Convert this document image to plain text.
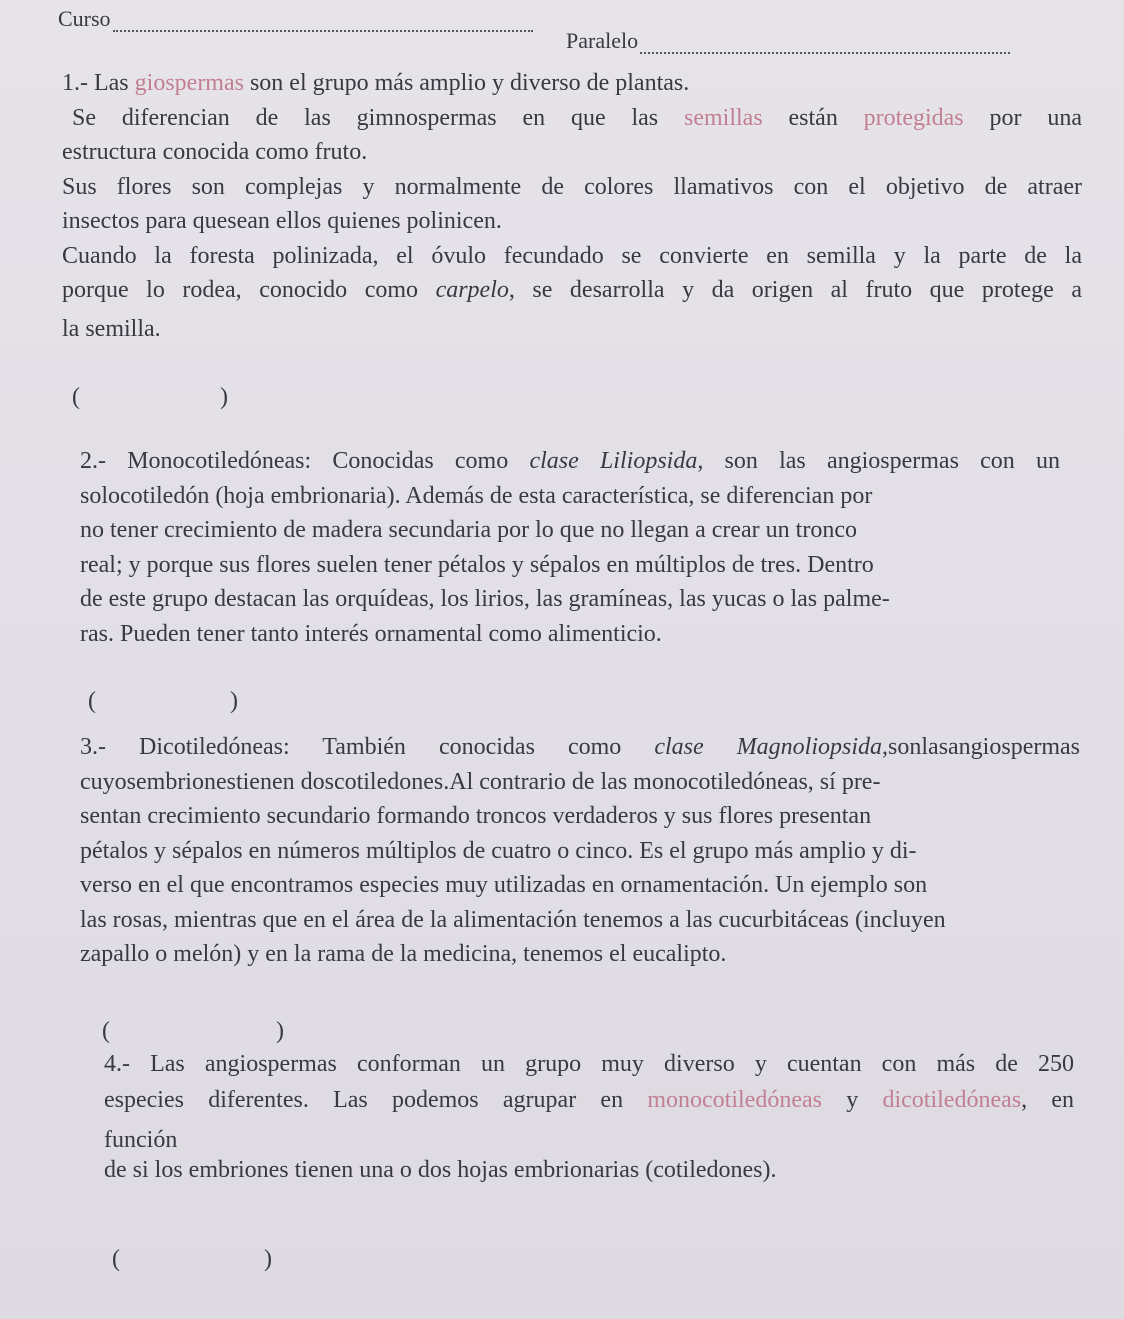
Curso
Paralelo

1.- Las giospermas son el grupo más amplio y diverso de plantas.

Se diferencian de las gimnospermas en que las semillas están protegidas por una

estructura conocida como fruto.

Sus flores son complejas y normalmente de colores llamativos con el objetivo de atraer

insectos para quesean ellos quienes polinicen.

Cuando la foresta polinizada, el óvulo fecundado se convierte en semilla y la parte de la

porque lo rodea, conocido como carpelo, se desarrolla y da origen al fruto que protege a

la semilla.

(	)

2.- Monocotiledóneas: Conocidas como clase Liliopsida, son las angiospermas con un

solocotiledón (hoja embrionaria). Además de esta característica, se diferencian por

no tener crecimiento de madera secundaria por lo que no llegan a crear un tronco

real; y porque sus flores suelen tener pétalos y sépalos en múltiplos de tres. Dentro

de este grupo destacan las orquídeas, los lirios, las gramíneas, las yucas o las palme-

ras. Pueden tener tanto interés ornamental como alimenticio.

(	)

3.- Dicotiledóneas: También conocidas como clase Magnoliopsida,sonlasangiospermas

cuyosembrionestienen doscotiledones.Al contrario de las monocotiledóneas, sí pre-

sentan crecimiento secundario formando troncos verdaderos y sus flores presentan

pétalos y sépalos en números múltiplos de cuatro o cinco. Es el grupo más amplio y di-

verso en el que encontramos especies muy utilizadas en ornamentación. Un ejemplo son

las rosas, mientras que en el área de la alimentación tenemos a las cucurbitáceas (incluyen

zapallo o melón) y en la rama de la medicina, tenemos el eucalipto.

(	)

4.- Las angiospermas conforman un grupo muy diverso y cuentan con más de 250

especies diferentes. Las podemos agrupar en monocotiledóneas y dicotiledóneas, en

función

de si los embriones tienen una o dos hojas embrionarias (cotiledones).

(	)
